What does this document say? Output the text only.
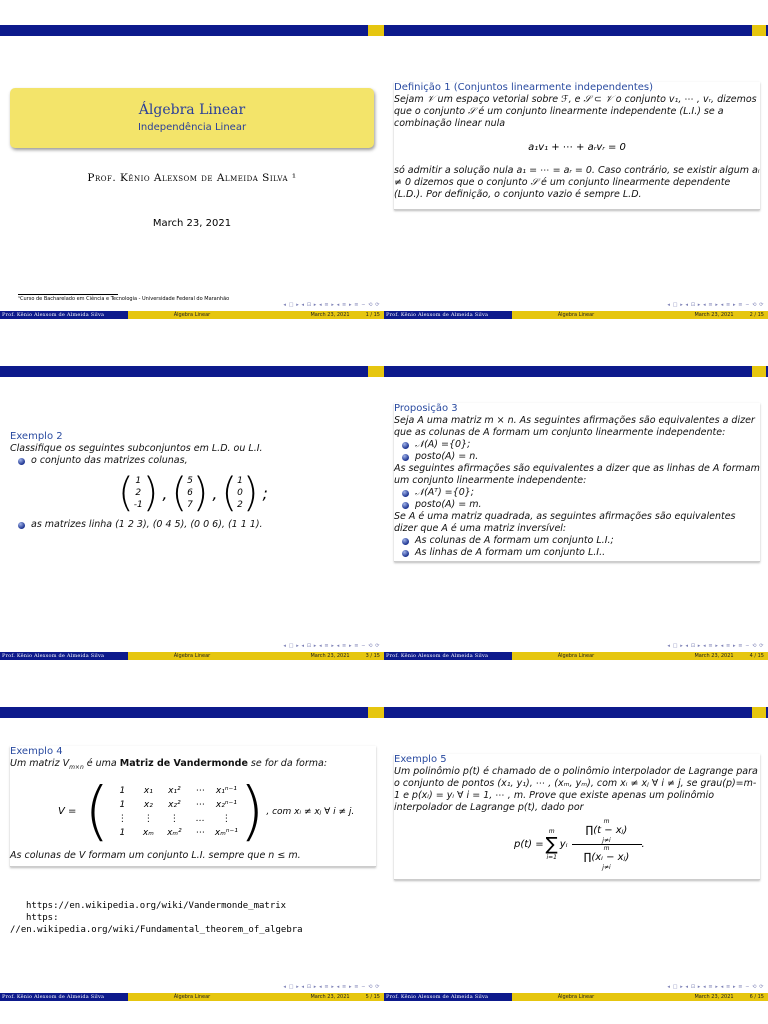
Álgebra Linear
Independência Linear
Prof. Kênio Alexsom de Almeida Silva ¹
March 23, 2021
¹Curso de Bacharelado em Ciência e Tecnologia - Universidade Federal do Maranhão
◂ □ ▸ ◂ ⊡ ▸ ◂ ≡ ▸ ◂ ≡ ▸ ≡ ∽ ⟲ ⟳
Prof. Kênio Alexsom de Almeida Silva	Álgebra Linear	March 23, 2021	1 / 15
Definição 1 (Conjuntos linearmente independentes)
Sejam 𝒱 um espaço vetorial sobre ℱ, e 𝒮 ⊂ 𝒱 o conjunto v₁, ⋯ , vᵣ, dizemos que o conjunto 𝒮 é um conjunto linearmente independente (L.I.) se a combinação linear nula
a₁v₁ + ⋯ + aᵣvᵣ = 0
só admitir a solução nula a₁ = ⋯ = aᵣ = 0. Caso contrário, se existir algum aᵢ ≠ 0 dizemos que o conjunto 𝒮 é um conjunto linearmente dependente (L.D.). Por definição, o conjunto vazio é sempre L.D.
◂ □ ▸ ◂ ⊡ ▸ ◂ ≡ ▸ ◂ ≡ ▸ ≡ ∽ ⟲ ⟳
Prof. Kênio Alexsom de Almeida Silva	Álgebra Linear	March 23, 2021	2 / 15
Exemplo 2
Classifique os seguintes subconjuntos em L.D. ou L.I.
o conjunto das matrizes colunas,
( 1
2
-1 ) , ( 5
6
7 ) , ( 1
0
2 ) ;
as matrizes linha (1 2 3), (0 4 5), (0 0 6), (1 1 1).
◂ □ ▸ ◂ ⊡ ▸ ◂ ≡ ▸ ◂ ≡ ▸ ≡ ∽ ⟲ ⟳
Prof. Kênio Alexsom de Almeida Silva	Álgebra Linear	March 23, 2021	3 / 15
Proposição 3
Seja A uma matriz m × n. As seguintes afirmações são equivalentes a dizer que as colunas de A formam um conjunto linearmente independente:
𝒩(A) ={0};
posto(A) = n.
As seguintes afirmações são equivalentes a dizer que as linhas de A formam um conjunto linearmente independente:
𝒩(Aᵀ) ={0};
posto(A) = m.
Se A é uma matriz quadrada, as seguintes afirmações são equivalentes dizer que A é uma matriz inversível:
As colunas de A formam um conjunto L.I.;
As linhas de A formam um conjunto L.I..
◂ □ ▸ ◂ ⊡ ▸ ◂ ≡ ▸ ◂ ≡ ▸ ≡ ∽ ⟲ ⟳
Prof. Kênio Alexsom de Almeida Silva	Álgebra Linear	March 23, 2021	4 / 15
Exemplo 4
Um matriz $V_{m\times n}$ é uma Matriz de Vandermonde se for da forma:
V = (	1	x₁	x₁²	⋯	x₁ⁿ⁻¹
1	x₂	x₂²	⋯	x₂ⁿ⁻¹
⋮	⋮	⋮	…	⋮
1	xₘ	xₘ²	⋯	xₘⁿ⁻¹ ) , com xᵢ ≠ xⱼ ∀ i ≠ j.
As colunas de V formam um conjunto L.I. sempre que n ≤ m.
https://en.wikipedia.org/wiki/Vandermonde_matrix
https:
//en.wikipedia.org/wiki/Fundamental_theorem_of_algebra
◂ □ ▸ ◂ ⊡ ▸ ◂ ≡ ▸ ◂ ≡ ▸ ≡ ∽ ⟲ ⟳
Prof. Kênio Alexsom de Almeida Silva	Álgebra Linear	March 23, 2021	5 / 15
Exemplo 5
Um polinômio p(t) é chamado de o polinômio interpolador de Lagrange para o conjunto de pontos (x₁, y₁), ⋯ , (xₘ, yₘ), com xᵢ ≠ xⱼ ∀ i ≠ j, se grau(p)=m-1 e p(xᵢ) = yᵢ ∀ i = 1, ⋯ , m. Prove que existe apenas um polinômio interpolador de Lagrange p(t), dado por
p(t) =
m
∑
i=1
yᵢ
m
∏(t − xⱼ)
j≠i
m
∏(xᵢ − xⱼ)
j≠i
.
◂ □ ▸ ◂ ⊡ ▸ ◂ ≡ ▸ ◂ ≡ ▸ ≡ ∽ ⟲ ⟳
Prof. Kênio Alexsom de Almeida Silva	Álgebra Linear	March 23, 2021	6 / 15
